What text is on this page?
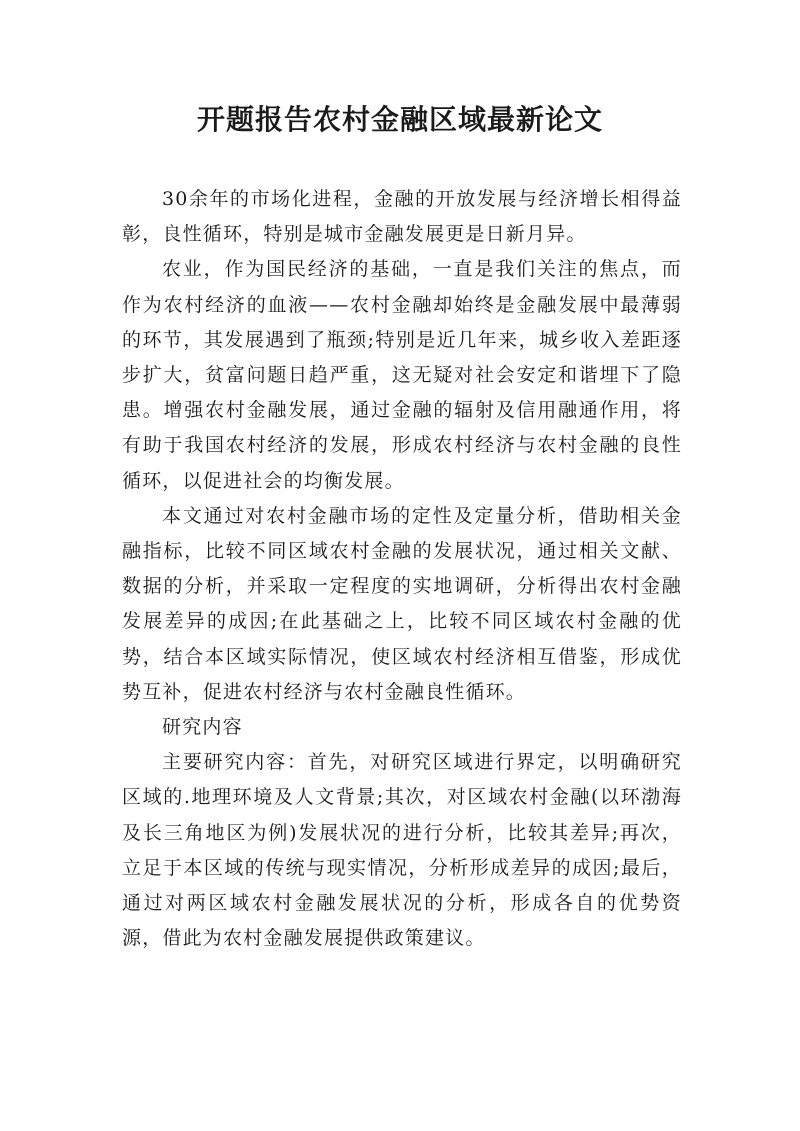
开题报告农村金融区域最新论文

30余年的市场化进程，金融的开放发展与经济增长相得益彰，良性循环，特别是城市金融发展更是日新月异。

农业，作为国民经济的基础，一直是我们关注的焦点，而作为农村经济的血液——农村金融却始终是金融发展中最薄弱的环节，其发展遇到了瓶颈;特别是近几年来，城乡收入差距逐步扩大，贫富问题日趋严重，这无疑对社会安定和谐埋下了隐患。增强农村金融发展，通过金融的辐射及信用融通作用，将有助于我国农村经济的发展，形成农村经济与农村金融的良性循环，以促进社会的均衡发展。

本文通过对农村金融市场的定性及定量分析，借助相关金融指标，比较不同区域农村金融的发展状况，通过相关文献、数据的分析，并采取一定程度的实地调研，分析得出农村金融发展差异的成因;在此基础之上，比较不同区域农村金融的优势，结合本区域实际情况，使区域农村经济相互借鉴，形成优势互补，促进农村经济与农村金融良性循环。

研究内容

主要研究内容：首先，对研究区域进行界定，以明确研究区域的.地理环境及人文背景;其次，对区域农村金融(以环渤海及长三角地区为例)发展状况的进行分析，比较其差异;再次，立足于本区域的传统与现实情况，分析形成差异的成因;最后，通过对两区域农村金融发展状况的分析，形成各自的优势资源，借此为农村金融发展提供政策建议。
